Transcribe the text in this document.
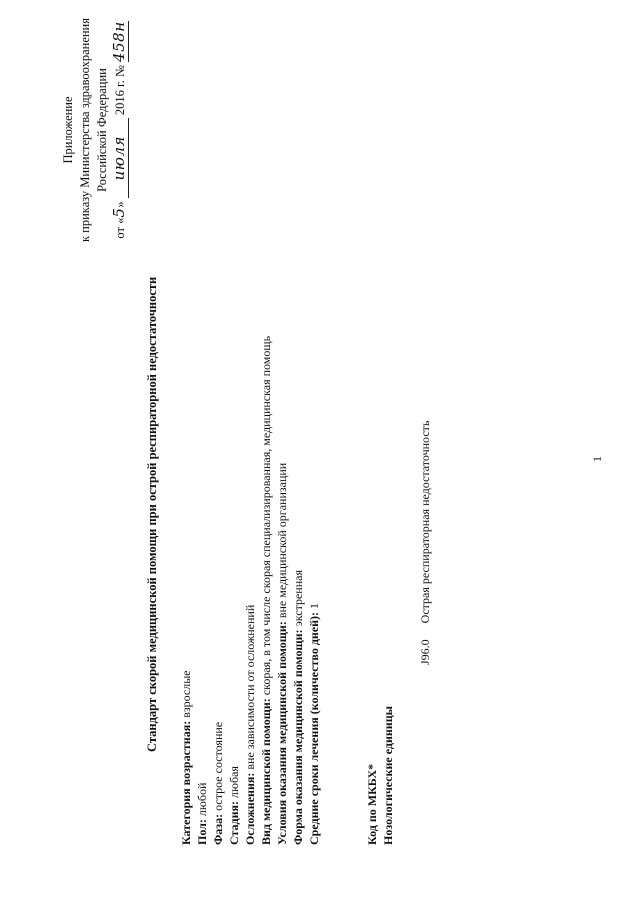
Приложение к приказу Министерства здравоохранения Российской Федерации
от «5» июля 2016 г. № 458н
Стандарт скорой медицинской помощи при острой респираторной недостаточности
Категория возрастная: взрослые
Пол: любой
Фаза: острое состояние
Стадия: любая Осложнения: вне зависимости от осложнений Вид медицинской помощи: скорая, в том числе скорая специализированная, медицинская помощь
Условия оказания медицинской помощи: вне медицинской организации
Форма оказания медицинской помощи: экстренная
Средние сроки лечения (количество дней): 1
Код по МКБХ* Нозологические единицы
J96.0  Острая респираторная недостаточность	1
